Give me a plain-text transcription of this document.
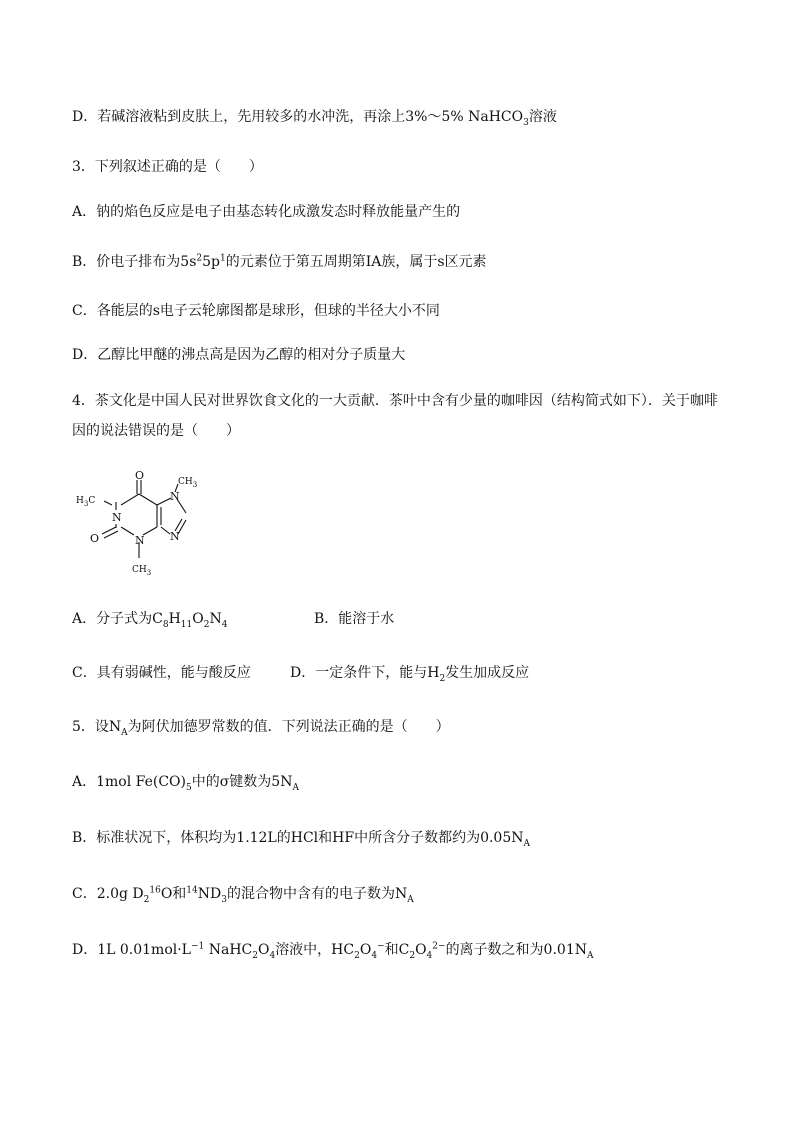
D．若碱溶液粘到皮肤上，先用较多的水冲洗，再涂上3%～5% NaHCO$_3$溶液
3．下列叙述正确的是（　　）
A．钠的焰色反应是电子由基态转化成激发态时释放能量产生的
B．价电子排布为$5s^25p^1$的元素位于第五周期第ⅠA族，属于s区元素
C．各能层的s电子云轮廓图都是球形，但球的半径大小不同
D．乙醇比甲醚的沸点高是因为乙醇的相对分子质量大
4．茶文化是中国人民对世界饮食文化的一大贡献．茶叶中含有少量的咖啡因（结构简式如下）．关于咖啡
因的说法错误的是（　　）
O
O
$CH_3$
$H_3C$
N
N
N
N
$CH_3$
A．分子式为$C_8H_{11}O_2N_4$	B．能溶于水
C．具有弱碱性，能与酸反应	D．一定条件下，能与$H_2$发生加成反应
5．设$N_A$为阿伏加德罗常数的值．下列说法正确的是（　　）
A．1mol $Fe(CO)_5$中的σ键数为$5N_A$
B．标准状况下，体积均为1.12L的HCl和HF中所含分子数都约为$0.05N_A$
C．2.0g $D_2^{16}O$和$^{14}ND_3$的混合物中含有的电子数为$N_A$
D．1L $0.01mol\cdot L^{-1}$ $NaHC_2O_4$溶液中，$HC_2O_4^-$和$C_2O_4^{2-}$的离子数之和为$0.01N_A$
